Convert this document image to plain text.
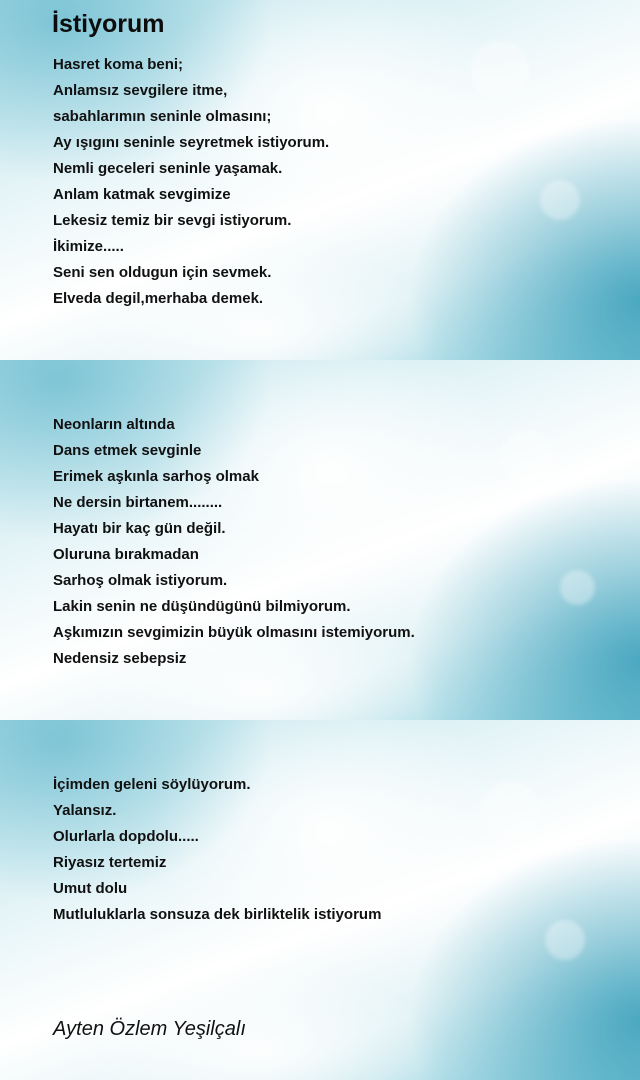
İstiyorum
Hasret koma beni;
Anlamsız sevgilere itme,
sabahlarımın seninle olmasını;
Ay ışıgını seninle seyretmek istiyorum.
Nemli geceleri seninle yaşamak.
Anlam katmak sevgimize
Lekesiz temiz bir sevgi istiyorum.
İkimize.....
Seni sen oldugun için sevmek.
Elveda degil,merhaba demek.
Neonların altında
Dans etmek sevginle
Erimek aşkınla sarhoş olmak
Ne dersin birtanem........
Hayatı bir kaç gün değil.
Oluruna bırakmadan
Sarhoş olmak istiyorum.
Lakin senin ne düşündügünü bilmiyorum.
Aşkımızın sevgimizin büyük olmasını istemiyorum.
Nedensiz sebepsiz
İçimden geleni söylüyorum.
Yalansız.
Olurlarla dopdolu.....
Riyasız tertemiz
Umut dolu
Mutluluklarla sonsuza dek birliktelik istiyorum
Ayten Özlem Yeşilçalı
